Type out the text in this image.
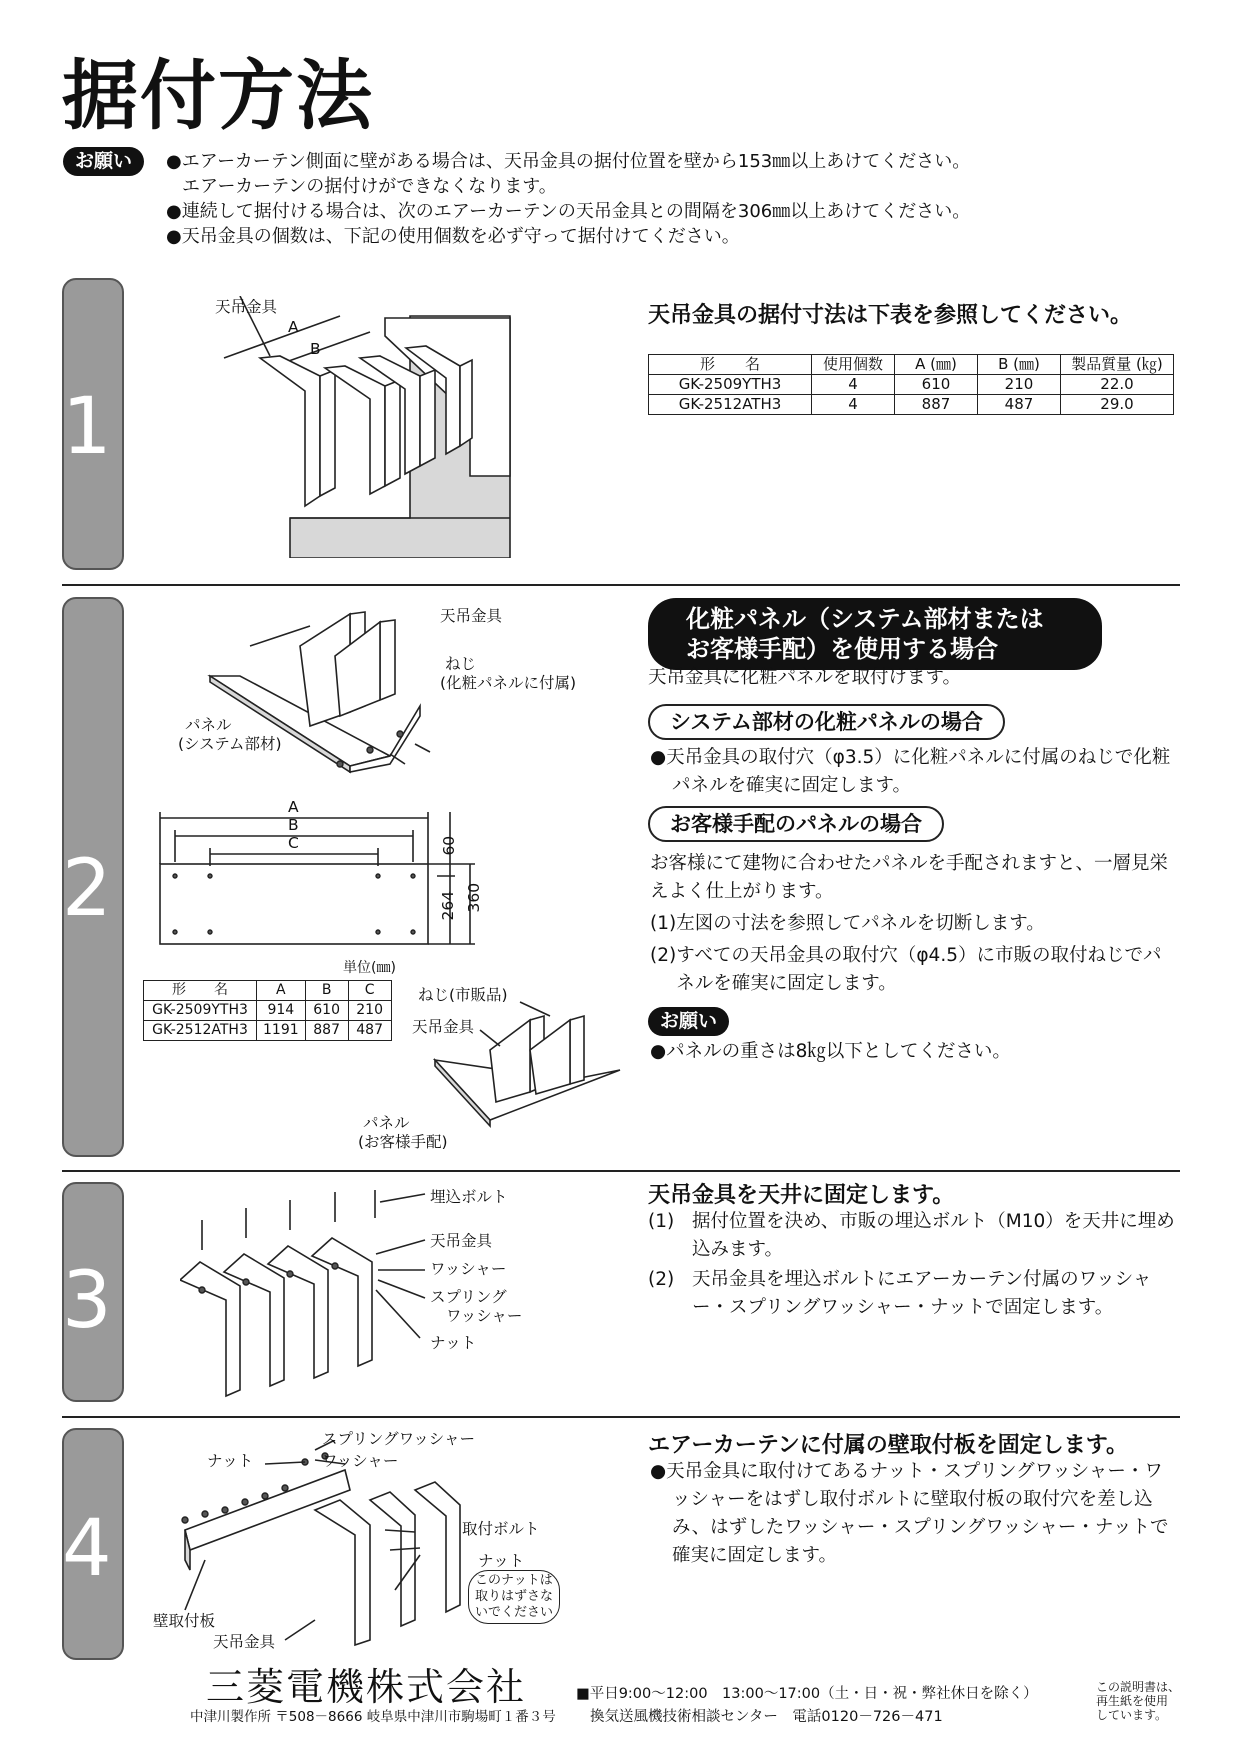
据付方法
お願い	●エアーカーテン側面に壁がある場合は、天吊金具の据付位置を壁から153㎜以上あけてください。
エアーカーテンの据付けができなくなります。
●連続して据付ける場合は、次のエアーカーテンの天吊金具との間隔を306㎜以上あけてください。
●天吊金具の個数は、下記の使用個数を必ず守って据付けてください。
1
天吊金具
A
B
天吊金具の据付寸法は下表を参照してください。
形　　名	使用個数	A (㎜)	B (㎜)	製品質量 (㎏)
GK-2509YTH3	4	610	210	22.0
GK-2512ATH3	4	887	487	29.0
2
天吊金具
ねじ
(化粧パネルに付属)
パネル
(システム部材)
A
B
C	60
264 360
単位(㎜)
形　　名	A	B	C
GK-2509YTH3	914	610	210
GK-2512ATH3	1191	887	487
ねじ(市販品)
天吊金具
パネル
(お客様手配)
化粧パネル（システム部材または
お客様手配）を使用する場合
天吊金具に化粧パネルを取付けます。
システム部材の化粧パネルの場合
●天吊金具の取付穴（φ3.5）に化粧パネルに付属のねじで化粧パネルを確実に固定します。
お客様手配のパネルの場合
お客様にて建物に合わせたパネルを手配されますと、一層見栄えよく仕上がります。
(1) 左図の寸法を参照してパネルを切断します。
(2) すべての天吊金具の取付穴（φ4.5）に市販の取付ねじでパネルを確実に固定します。
お願い
●パネルの重さは8㎏以下としてください。
3
埋込ボルト
天吊金具
ワッシャー
スプリング
ワッシャー
ナット
天吊金具を天井に固定します。
(1) 据付位置を決め、市販の埋込ボルト（M10）を天井に埋め込みます。
(2) 天吊金具を埋込ボルトにエアーカーテン付属のワッシャー・スプリングワッシャー・ナットで固定します。
4
スプリングワッシャー
ナット	ワッシャー
取付ボルト
ナット
このナットは
取りはずさな
いでください
壁取付板
天吊金具
エアーカーテンに付属の壁取付板を固定します。
●天吊金具に取付けてあるナット・スプリングワッシャー・ワッシャーをはずし取付ボルトに壁取付板の取付穴を差し込み、はずしたワッシャー・スプリングワッシャー・ナットで確実に固定します。
三菱電機株式会社
中津川製作所 〒508－8666 岐阜県中津川市駒場町１番３号
■平日9:00～12:00　13:00～17:00（土・日・祝・弊社休日を除く）
換気送風機技術相談センター　電話0120－726－471
この説明書は、
再生紙を使用
しています。
